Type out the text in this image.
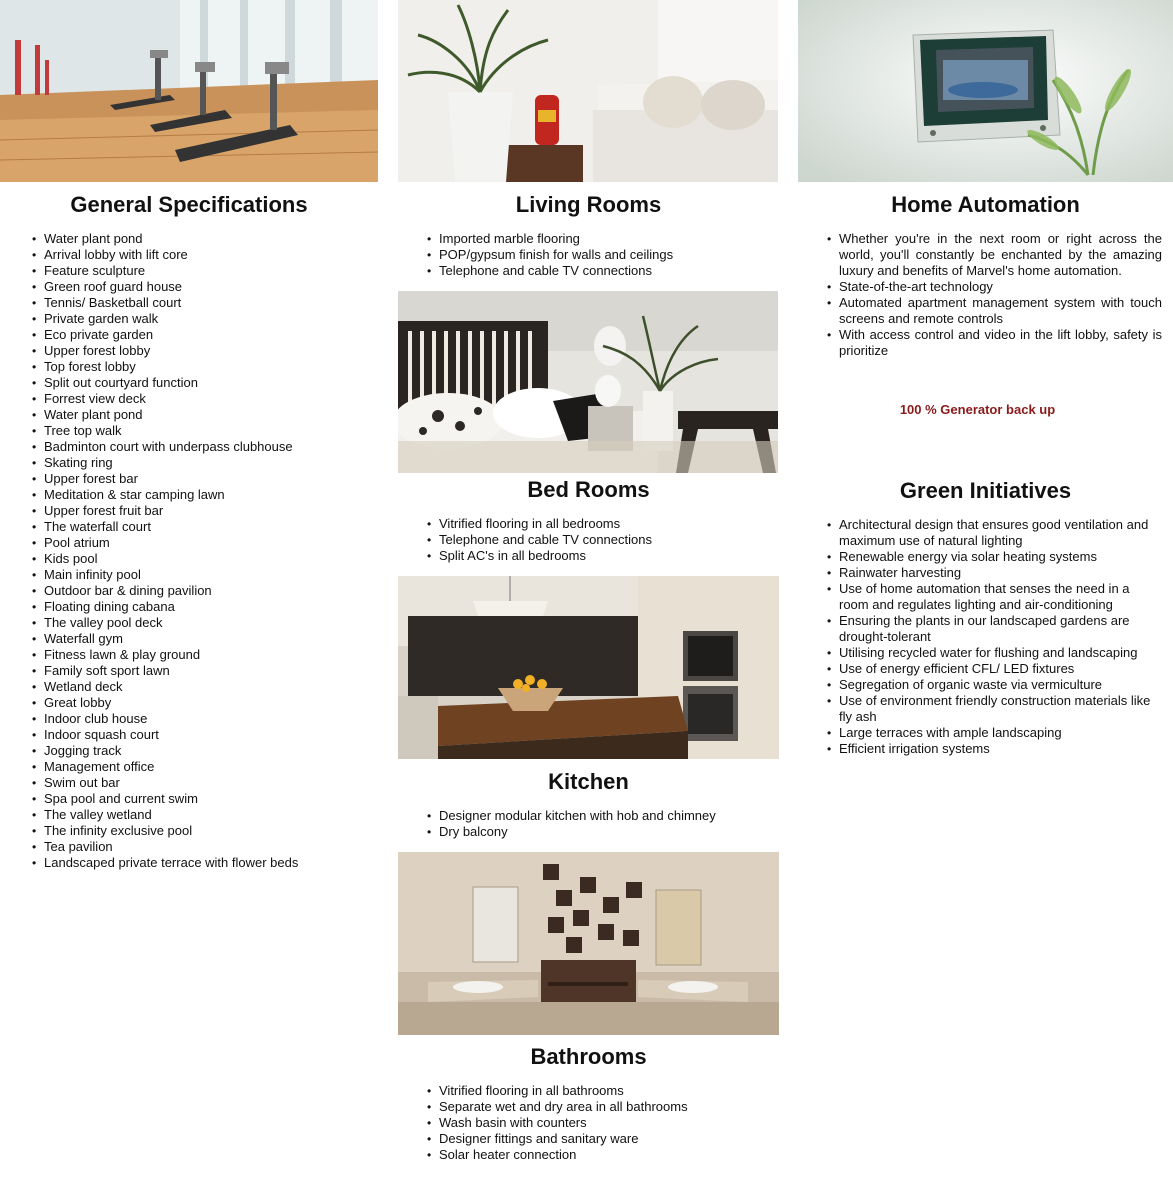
General Specifications
• Water plant pond
• Arrival lobby with lift core
• Feature sculpture
• Green roof guard house
• Tennis/ Basketball court
• Private garden walk
• Eco private garden
• Upper forest lobby
• Top forest lobby
• Split out courtyard function
• Forrest view deck
• Water plant pond
• Tree top walk
• Badminton court with underpass clubhouse
• Skating ring
• Upper forest bar
• Meditation & star camping lawn
• Upper forest fruit bar
• The waterfall court
• Pool atrium
• Kids pool
• Main infinity pool
• Outdoor bar & dining pavilion
• Floating dining cabana
• The valley pool deck
• Waterfall gym
• Fitness lawn & play ground
• Family soft sport lawn
• Wetland deck
• Great lobby
• Indoor club house
• Indoor squash court
• Jogging track
• Management office
• Swim out bar
• Spa pool and current swim
• The valley wetland
• The infinity exclusive pool
• Tea pavilion
• Landscaped private terrace with flower beds
Living Rooms
• Imported marble flooring
• POP/gypsum finish for walls and ceilings
• Telephone and cable TV connections
Bed Rooms
• Vitrified flooring in all bedrooms
• Telephone and cable TV connections
• Split AC's in all bedrooms
Kitchen
• Designer modular kitchen with hob and chimney
• Dry balcony
Bathrooms
• Vitrified flooring in all bathrooms
• Separate wet and dry area in all bathrooms
• Wash basin with counters
• Designer fittings and sanitary ware
• Solar heater connection
Home Automation
• Whether you're in the next room or right across the world, you'll constantly be enchanted by the amazing luxury and benefits of Marvel's home automation.
• State-of-the-art technology
• Automated apartment management system with touch screens and remote controls
• With access control and video in the lift lobby, safety is prioritize
100 % Generator back up
Green Initiatives
• Architectural design that ensures good ventilation and maximum use of natural lighting
• Renewable energy via solar heating systems
• Rainwater harvesting
• Use of home automation that senses the need in a room and regulates lighting and air-conditioning
• Ensuring the plants in our landscaped gardens are drought-tolerant
• Utilising recycled water for flushing and landscaping
• Use of energy efficient CFL/ LED fixtures
• Segregation of organic waste via vermiculture
• Use of environment friendly construction materials like fly ash
• Large terraces with ample landscaping
• Efficient irrigation systems
